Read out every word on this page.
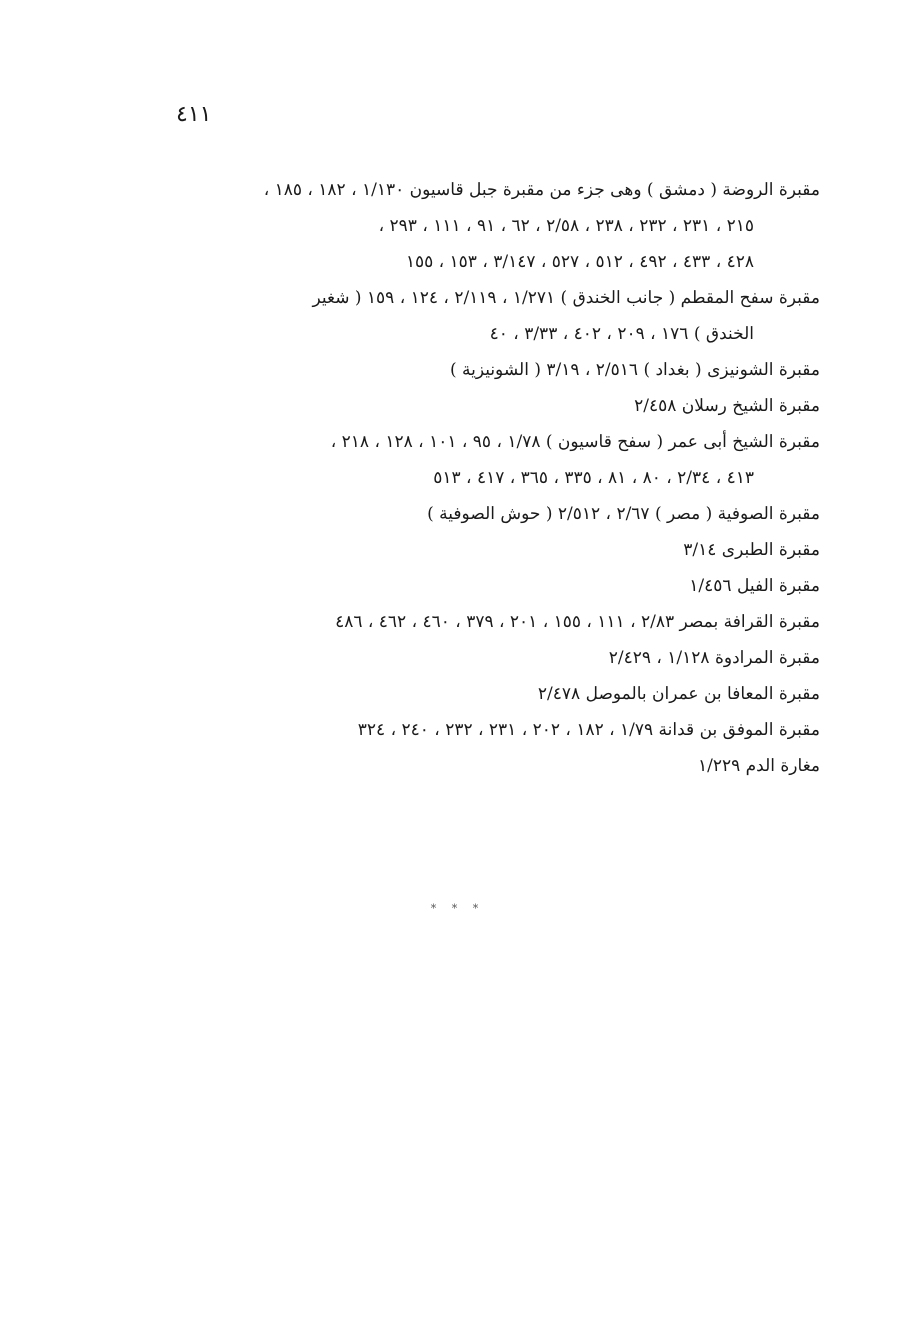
٤١١
مقبرة الروضة ( دمشق ) وهى جزء من مقبرة جبل قاسيون ١/١٣٠ ، ١٨٢ ، ١٨٥ ،
٢١٥ ، ٢٣١ ، ٢٣٢ ، ٢٣٨ ، ٢/٥٨ ، ٦٢ ، ٩١ ، ١١١ ، ٢٩٣ ،
٤٢٨ ، ٤٣٣ ، ٤٩٢ ، ٥١٢ ، ٥٢٧ ، ٣/١٤٧ ، ١٥٣ ، ١٥٥
مقبرة سفح المقطم ( جانب الخندق ) ١/٢٧١ ، ٢/١١٩ ، ١٢٤ ، ١٥٩ ( شغير
الخندق ) ١٧٦ ، ٢٠٩ ، ٤٠٢ ، ٣/٣٣ ، ٤٠
مقبرة الشونيزى ( بغداد ) ٢/٥١٦ ، ٣/١٩ ( الشونيزية )
مقبرة الشيخ رسلان ٢/٤٥٨
مقبرة الشيخ أبى عمر ( سفح قاسيون ) ١/٧٨ ، ٩٥ ، ١٠١ ، ١٢٨ ، ٢١٨ ،
٤١٣ ، ٢/٣٤ ، ٨٠ ، ٨١ ، ٣٣٥ ، ٣٦٥ ، ٤١٧ ، ٥١٣
مقبرة الصوفية ( مصر ) ٢/٦٧ ، ٢/٥١٢ ( حوش الصوفية )
مقبرة الطبرى ٣/١٤
مقبرة الفيل ١/٤٥٦
مقبرة القرافة بمصر ٢/٨٣ ، ١١١ ، ١٥٥ ، ٢٠١ ، ٣٧٩ ، ٤٦٠ ، ٤٦٢ ، ٤٨٦
مقبرة المرادوة ١/١٢٨ ، ٢/٤٢٩
مقبرة المعافا بن عمران بالموصل ٢/٤٧٨
مقبرة الموفق بن قدانة ١/٧٩ ، ١٨٢ ، ٢٠٢ ، ٢٣١ ، ٢٣٢ ، ٢٤٠ ، ٣٢٤
مغارة الدم ١/٢٢٩
* * *
